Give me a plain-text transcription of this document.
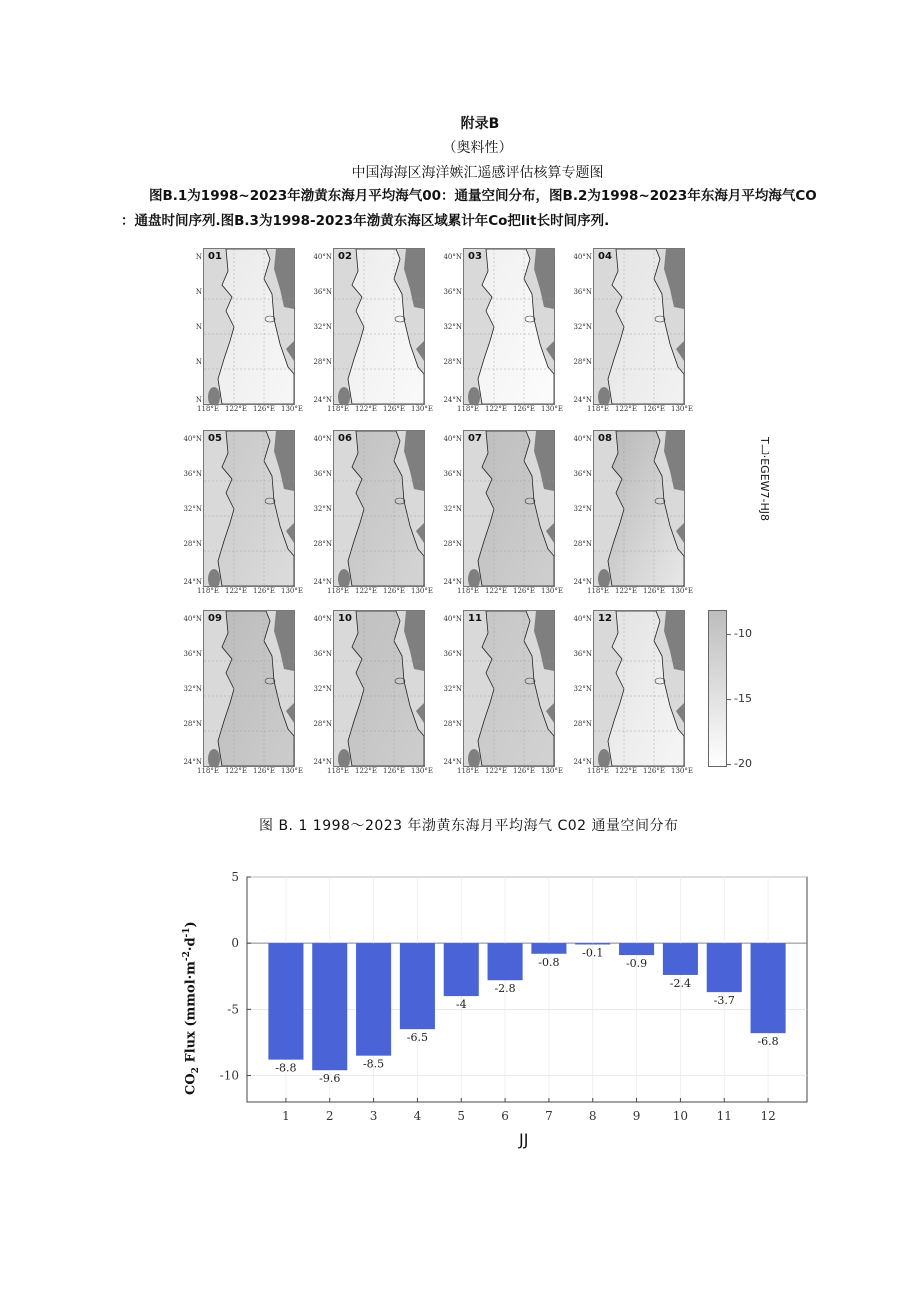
附录B
（奥料性）
中国海海区海洋嫉汇遥感评估核算专题图
图B.1为1998~2023年渤黄东海月平均海气00：通量空间分布，图B.2为1998~2023年东海月平均海气CO
：通盘时间序列.图B.3为1998-2023年渤黄东海区域累计年Co把lit长时间序列.
01
N
N
N
N
N
118°E 122°E 126°E 130°E
02
40°N
36°N
32°N
28°N
24°N
118°E 122°E 126°E 130°E
03
40°N
36°N
32°N
28°N
24°N
118°E 122°E 126°E 130°E
04
40°N
36°N
32°N
28°N
24°N
118°E 122°E 126°E 130°E
05
40°N
36°N
32°N
28°N
24°N
118°E 122°E 126°E 130°E
06
40°N
36°N
32°N
28°N
24°N
118°E 122°E 126°E 130°E
07
40°N
36°N
32°N
28°N
24°N
118°E 122°E 126°E 130°E
08
40°N
36°N
32°N
28°N
24°N
118°E 122°E 126°E 130°E
09
40°N
36°N
32°N
28°N
24°N
118°E 122°E 126°E 130°E
10
40°N
36°N
32°N
28°N
24°N
118°E 122°E 126°E 130°E
11
40°N
36°N
32°N
28°N
24°N
118°E 122°E 126°E 130°E
12
40°N
36°N
32°N
28°N
24°N
118°E 122°E 126°E 130°E
-10
-15
-20
T乚·EGEW7-HJ8
图 B. 1 1998～2023 年渤黄东海月平均海气 C02 通量空间分布
-8.8
-9.6
-8.5
-6.5
-4
-2.8
-0.8
-0.1
-0.9
-2.4
-3.7
-6.8
5
0
-5
-10
1	2	3	4	5	6	7	8	9	10 11 12
$CO_2$ Flux $(mmol\cdot m^{-2}\cdot d^{-1})$
JJ
